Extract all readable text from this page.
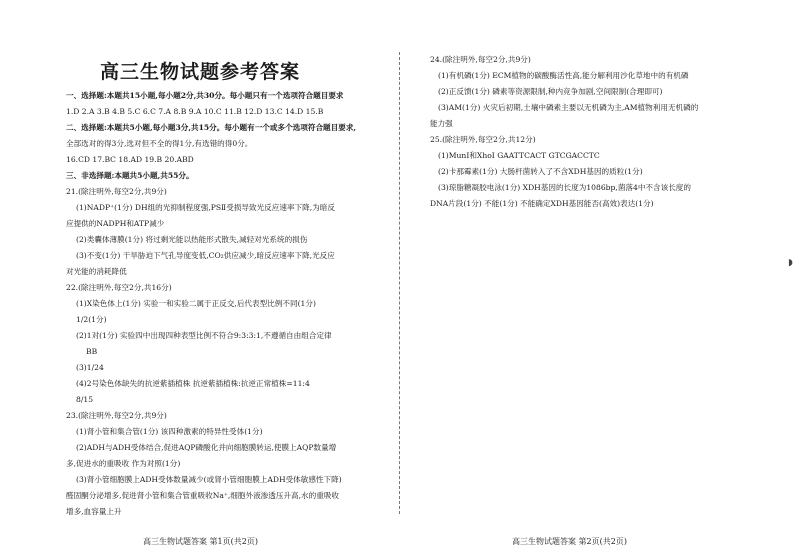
高三生物试题参考答案
一、选择题:本题共15小题,每小题2分,共30分。每小题只有一个选项符合题目要求
1.D 2.A 3.B 4.B 5.C 6.C 7.A 8.B 9.A 10.C 11.B 12.D 13.C 14.D 15.B
二、选择题:本题共5小题,每小题3分,共15分。每小题有一个或多个选项符合题目要求,
全部选对的得3分,选对但不全的得1分,有选错的得0分。
16.CD 17.BC 18.AD 19.B 20.ABD
三、非选择题:本题共5小题,共55分。
21.(除注明外,每空2分,共9分)
(1)NADP⁺(1分) DH组的光抑制程度强,PSⅡ受损导致光反应速率下降,为暗反
应提供的NADPH和ATP减少
(2)类囊体薄膜(1分) 将过剩光能以热能形式散失,减轻对光系统的损伤
(3)不变(1分) 干旱胁迫下气孔导度变低,CO₂供应减少,暗反应速率下降,光反应
对光能的消耗降低
22.(除注明外,每空2分,共16分)
(1)X染色体上(1分) 实验一和实验二属于正反交,后代表型比例不同(1分)
1/2(1分)
(2)1对(1分) 实验四中出现四种表型比例不符合9:3:3:1,不遵循自由组合定律
BB
(3)1/24
(4)2号染色体缺失的抗逆紫插植株 抗逆紫插植株:抗逆正常植株=11:4
8/15
23.(除注明外,每空2分,共9分)
(1)肾小管和集合管(1分) 该四种激素的特异性受体(1分)
(2)ADH与ADH受体结合,促进AQP磷酸化并向细胞膜转运,使膜上AQP数量增
多,促进水的重吸收 作为对照(1分)
(3)肾小管细胞膜上ADH受体数量减少(或肾小管细胞膜上ADH受体敏感性下降)
醛固酮分泌增多,促进肾小管和集合管重吸收Na⁺,细胞外液渗透压升高,水的重吸收
增多,血容量上升
高三生物试题答案 第1页(共2页)
24.(除注明外,每空2分,共9分)
(1)有机磷(1分) ECM植物的碳酸酶活性高,能分解利用沙化草地中的有机磷
(2)正反馈(1分) 磷素等资源限制,种内竞争加剧,空间限制(合理即可)
(3)AM(1分) 火灾后初期,土壤中磷素主要以无机磷为主,AM植物利用无机磷的
能力强
25.(除注明外,每空2分,共12分)
(1)MunⅠ和XhoⅠ GAATTCACT GTCGACCTC
(2)卡那霉素(1分) 大肠杆菌转入了不含XDH基因的质粒(1分)
(3)琼脂糖凝胶电泳(1分) XDH基因的长度为1086bp,菌落4中不含该长度的
DNA片段(1分) 不能(1分) 不能确定XDH基因能否(高效)表达(1分)
高三生物试题答案 第2页(共2页)
◗
